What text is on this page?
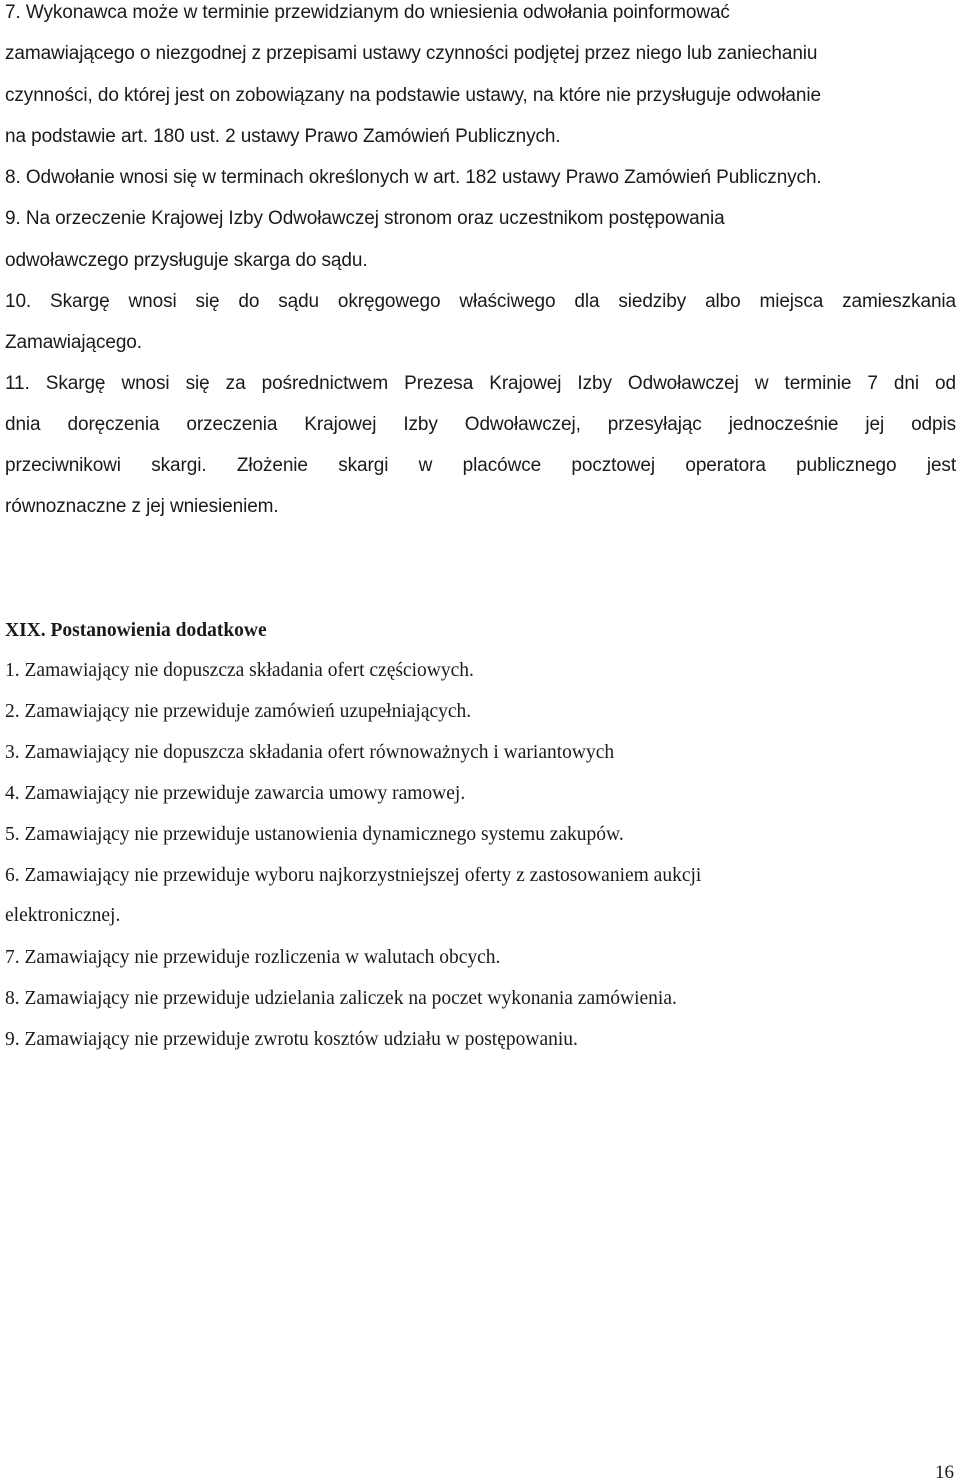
7. Wykonawca może w terminie przewidzianym do wniesienia odwołania poinformować
zamawiającego o niezgodnej z przepisami ustawy czynności podjętej przez niego lub zaniechaniu
czynności, do której jest on zobowiązany na podstawie ustawy, na które nie przysługuje odwołanie
na podstawie art. 180 ust. 2 ustawy Prawo Zamówień Publicznych.
8. Odwołanie wnosi się w terminach określonych w art. 182 ustawy Prawo Zamówień Publicznych.
9. Na orzeczenie Krajowej Izby Odwoławczej stronom oraz uczestnikom postępowania
odwoławczego przysługuje skarga do sądu.
10. Skargę wnosi się do sądu okręgowego właściwego dla siedziby albo miejsca zamieszkania
Zamawiającego.
11. Skargę wnosi się za pośrednictwem Prezesa Krajowej Izby Odwoławczej w terminie 7 dni od
dnia doręczenia orzeczenia Krajowej Izby Odwoławczej, przesyłając jednocześnie jej odpis
przeciwnikowi skargi. Złożenie skargi w placówce pocztowej operatora publicznego jest
równoznaczne z jej wniesieniem.
XIX. Postanowienia dodatkowe
1. Zamawiający nie dopuszcza składania ofert częściowych.
2. Zamawiający nie przewiduje zamówień uzupełniających.
3. Zamawiający nie dopuszcza składania ofert równoważnych i wariantowych
4. Zamawiający nie przewiduje zawarcia umowy ramowej.
5. Zamawiający nie przewiduje ustanowienia dynamicznego systemu zakupów.
6. Zamawiający nie przewiduje wyboru najkorzystniejszej oferty z zastosowaniem aukcji
elektronicznej.
7. Zamawiający nie przewiduje rozliczenia w walutach obcych.
8. Zamawiający nie przewiduje udzielania zaliczek na poczet wykonania zamówienia.
9. Zamawiający nie przewiduje zwrotu kosztów udziału w postępowaniu.
16
